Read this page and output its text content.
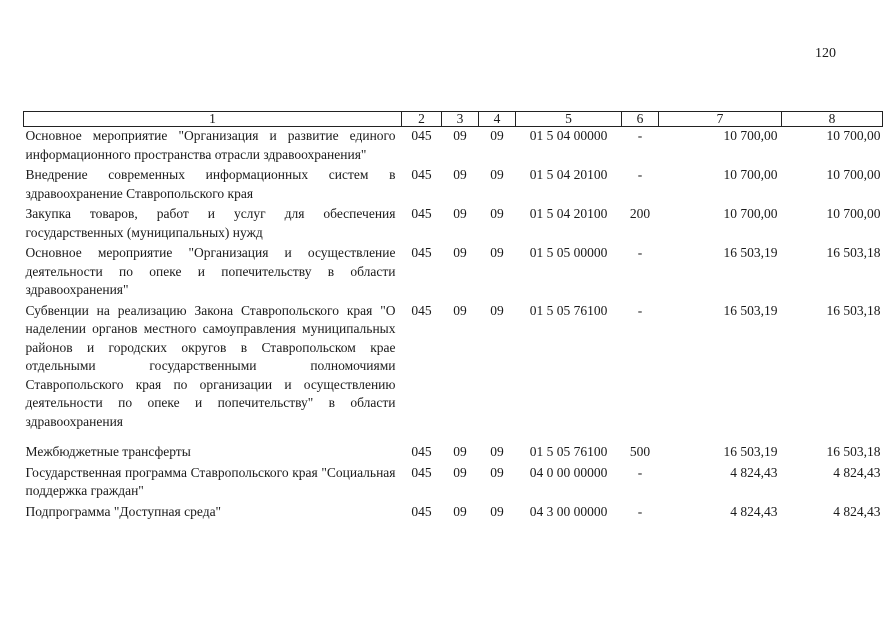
120
1	2	3	4	5	6	7	8
Основное мероприятие "Организация и развитие единого информационного пространства отрасли здравоохранения"	045	09	09	01 5 04 00000	-	10 700,00	10 700,00
Внедрение современных информационных систем в здравоохранение Ставропольского края	045	09	09	01 5 04 20100	-	10 700,00	10 700,00
Закупка товаров, работ и услуг для обеспечения государственных (муниципальных) нужд	045	09	09	01 5 04 20100	200	10 700,00	10 700,00
Основное мероприятие "Организация и осуществление деятельности по опеке и попечительству в области здравоохранения"	045	09	09	01 5 05 00000	-	16 503,19	16 503,18
Субвенции на реализацию Закона Ставропольского края "О наделении органов местного самоуправления муниципальных районов и городских округов в Ставропольском крае отдельными государственными полномочиями Ставропольского края по организации и осуществлению деятельности по опеке и попечительству" в области здравоохранения	045	09	09	01 5 05 76100	-	16 503,19	16 503,18

Межбюджетные трансферты	045	09	09	01 5 05 76100	500	16 503,19	16 503,18
Государственная программа Ставропольского края "Социальная поддержка граждан"	045	09	09	04 0 00 00000	-	4 824,43	4 824,43
Подпрограмма "Доступная среда"	045	09	09	04 3 00 00000	-	4 824,43	4 824,43
